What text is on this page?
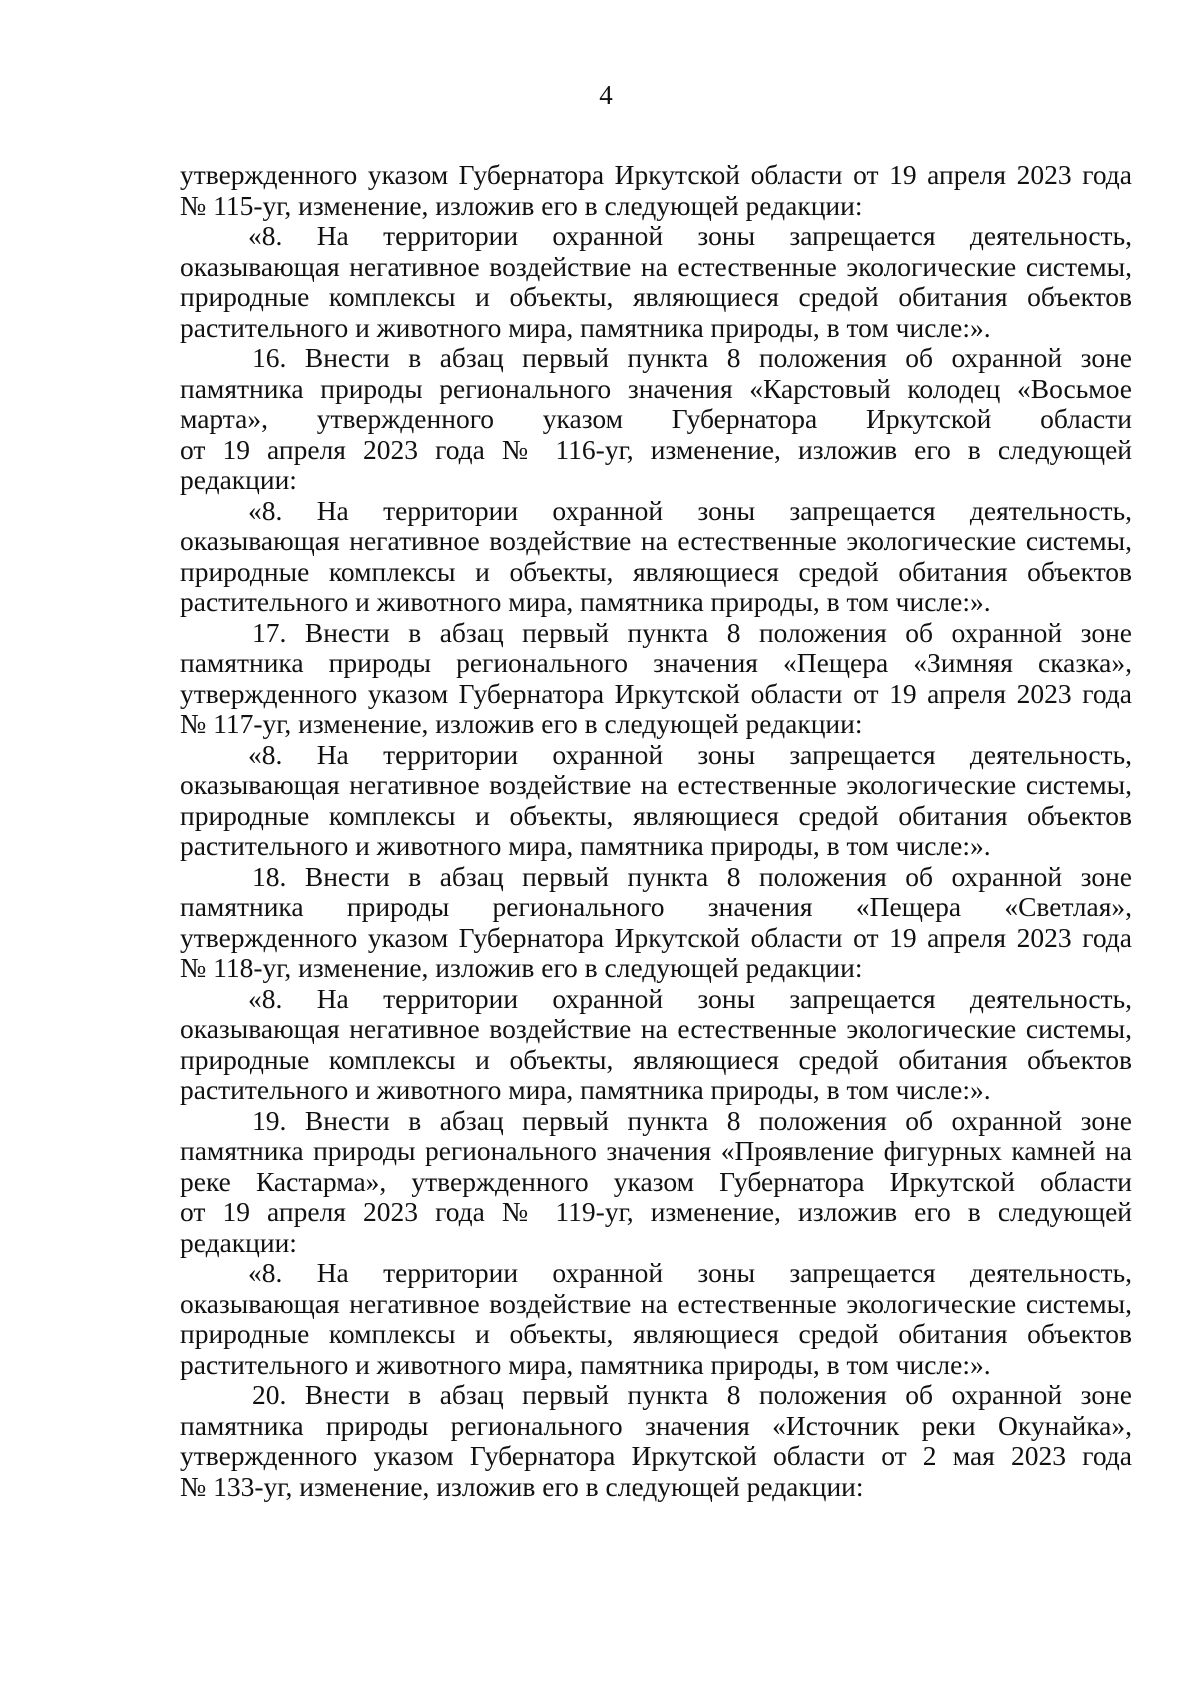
4
утвержденного указом Губернатора Иркутской области от 19 апреля 2023 года
№ 115-уг, изменение, изложив его в следующей редакции:
«8. На территории охранной зоны запрещается деятельность,
оказывающая негативное воздействие на естественные экологические системы,
природные комплексы и объекты, являющиеся средой обитания объектов
растительного и животного мира, памятника природы, в том числе:».
16. Внести в абзац первый пункта 8 положения об охранной зоне
памятника природы регионального значения «Карстовый колодец «Восьмое
марта», утвержденного указом Губернатора Иркутской области
от 19 апреля 2023 года № 116-уг, изменение, изложив его в следующей
редакции:
«8. На территории охранной зоны запрещается деятельность,
оказывающая негативное воздействие на естественные экологические системы,
природные комплексы и объекты, являющиеся средой обитания объектов
растительного и животного мира, памятника природы, в том числе:».
17. Внести в абзац первый пункта 8 положения об охранной зоне
памятника природы регионального значения «Пещера «Зимняя сказка»,
утвержденного указом Губернатора Иркутской области от 19 апреля 2023 года
№ 117-уг, изменение, изложив его в следующей редакции:
«8. На территории охранной зоны запрещается деятельность,
оказывающая негативное воздействие на естественные экологические системы,
природные комплексы и объекты, являющиеся средой обитания объектов
растительного и животного мира, памятника природы, в том числе:».
18. Внести в абзац первый пункта 8 положения об охранной зоне
памятника природы регионального значения «Пещера «Светлая»,
утвержденного указом Губернатора Иркутской области от 19 апреля 2023 года
№ 118-уг, изменение, изложив его в следующей редакции:
«8. На территории охранной зоны запрещается деятельность,
оказывающая негативное воздействие на естественные экологические системы,
природные комплексы и объекты, являющиеся средой обитания объектов
растительного и животного мира, памятника природы, в том числе:».
19. Внести в абзац первый пункта 8 положения об охранной зоне
памятника природы регионального значения «Проявление фигурных камней на
реке Кастарма», утвержденного указом Губернатора Иркутской области
от 19 апреля 2023 года № 119-уг, изменение, изложив его в следующей
редакции:
«8. На территории охранной зоны запрещается деятельность,
оказывающая негативное воздействие на естественные экологические системы,
природные комплексы и объекты, являющиеся средой обитания объектов
растительного и животного мира, памятника природы, в том числе:».
20. Внести в абзац первый пункта 8 положения об охранной зоне
памятника природы регионального значения «Источник реки Окунайка»,
утвержденного указом Губернатора Иркутской области от 2 мая 2023 года
№ 133-уг, изменение, изложив его в следующей редакции:
